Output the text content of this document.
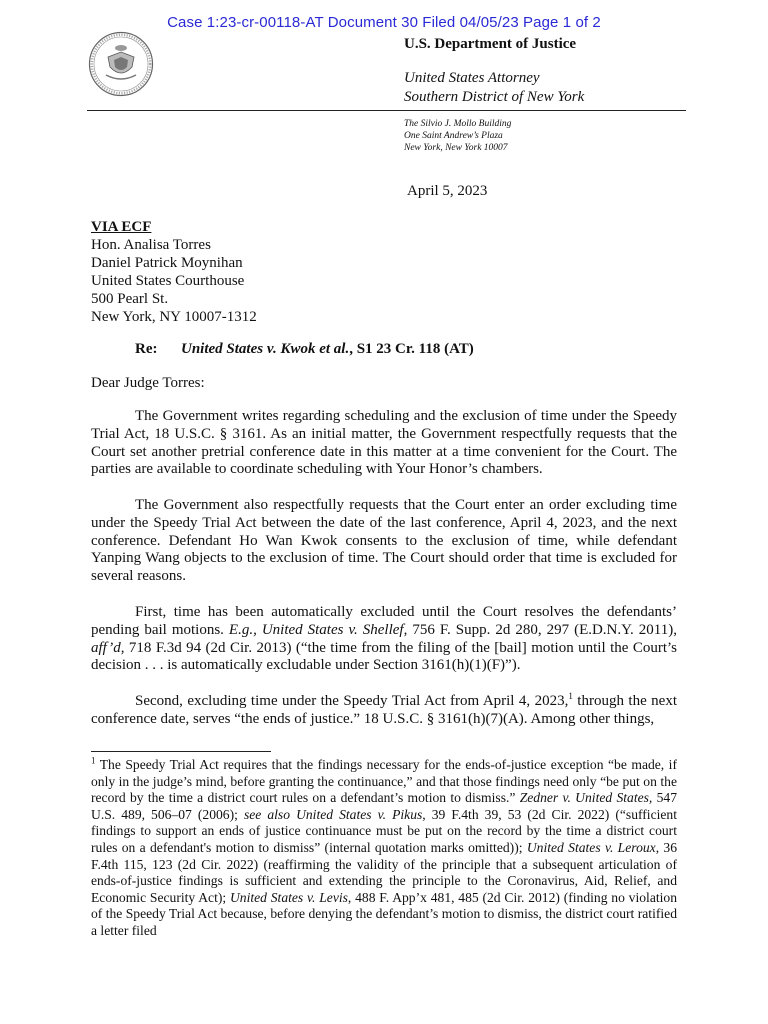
Case 1:23-cr-00118-AT Document 30 Filed 04/05/23 Page 1 of 2
U.S. Department of Justice
United States Attorney
Southern District of New York
The Silvio J. Mollo Building
One Saint Andrew’s Plaza
New York, New York 10007
April 5, 2023
VIA ECF
Hon. Analisa Torres
Daniel Patrick Moynihan
United States Courthouse
500 Pearl St.
New York, NY 10007-1312
Re: United States v. Kwok et al., S1 23 Cr. 118 (AT)
Dear Judge Torres:

The Government writes regarding scheduling and the exclusion of time under the Speedy Trial Act, 18 U.S.C. § 3161. As an initial matter, the Government respectfully requests that the Court set another pretrial conference date in this matter at a time convenient for the Court. The parties are available to coordinate scheduling with Your Honor’s chambers.

The Government also respectfully requests that the Court enter an order excluding time under the Speedy Trial Act between the date of the last conference, April 4, 2023, and the next conference. Defendant Ho Wan Kwok consents to the exclusion of time, while defendant Yanping Wang objects to the exclusion of time. The Court should order that time is excluded for several reasons.

First, time has been automatically excluded until the Court resolves the defendants’ pending bail motions. E.g., United States v. Shellef, 756 F. Supp. 2d 280, 297 (E.D.N.Y. 2011), aff’d, 718 F.3d 94 (2d Cir. 2013) (“the time from the filing of the [bail] motion until the Court’s decision . . . is automatically excludable under Section 3161(h)(1)(F)”).

Second, excluding time under the Speedy Trial Act from April 4, 2023,$^1$ through the next conference date, serves “the ends of justice.” 18 U.S.C. § 3161(h)(7)(A). Among other things,

$^1$ The Speedy Trial Act requires that the findings necessary for the ends-of-justice exception “be made, if only in the judge’s mind, before granting the continuance,” and that those findings need only “be put on the record by the time a district court rules on a defendant’s motion to dismiss.” Zedner v. United States, 547 U.S. 489, 506–07 (2006); see also United States v. Pikus, 39 F.4th 39, 53 (2d Cir. 2022) (“sufficient findings to support an ends of justice continuance must be put on the record by the time a district court rules on a defendant's motion to dismiss” (internal quotation marks omitted)); United States v. Leroux, 36 F.4th 115, 123 (2d Cir. 2022) (reaffirming the validity of the principle that a subsequent articulation of ends-of-justice findings is sufficient and extending the principle to the Coronavirus, Aid, Relief, and Economic Security Act); United States v. Levis, 488 F. App’x 481, 485 (2d Cir. 2012) (finding no violation of the Speedy Trial Act because, before denying the defendant’s motion to dismiss, the district court ratified a letter filed
